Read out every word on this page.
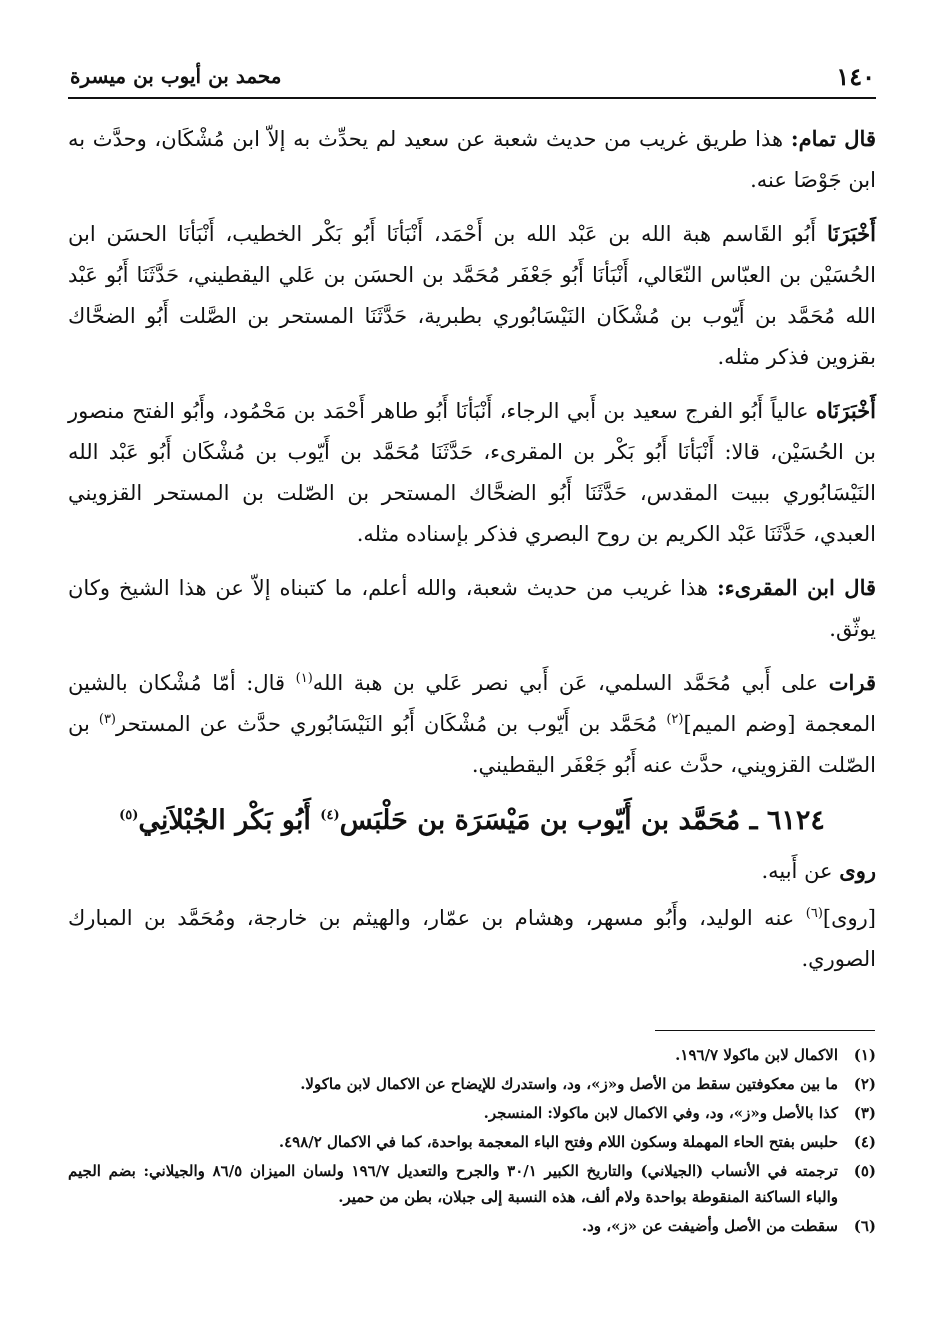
١٤٠
محمد بن أيوب بن ميسرة

قال تمام: هذا طريق غريب من حديث شعبة عن سعيد لم يحدِّث به إلاّ ابن مُشْكَان، وحدَّث به ابن جَوْصَا عنه.

أَخْبَرَنَا أَبُو القَاسم هبة الله بن عَبْد الله بن أَحْمَد، أَنْبَأنَا أَبُو بَكْر الخطيب، أَنْبَأنَا الحسَن ابن الحُسَيْن بن العبّاس النّعَالي، أَنْبَأنَا أَبُو جَعْفَر مُحَمَّد بن الحسَن بن عَلي اليقطيني، حَدَّثَنَا أَبُو عَبْد الله مُحَمَّد بن أَيّوب بن مُشْكَان النَيْسَابُوري بطبرية، حَدَّثَنَا المستحر بن الصَّلت أَبُو الضحَّاك بقزوين فذكر مثله.

أَخْبَرَنَاه عالياً أَبُو الفرج سعيد بن أَبي الرجاء، أَنْبَأنَا أَبُو طاهر أَحْمَد بن مَحْمُود، وأَبُو الفتح منصور بن الحُسَيْن، قالا: أَنْبَأنَا أَبُو بَكْر بن المقرىء، حَدَّثَنَا مُحَمَّد بن أَيّوب بن مُشْكَان أَبُو عَبْد الله النَيْسَابُوري ببيت المقدس، حَدَّثَنَا أَبُو الضحَّاك المستحر بن الصّلت بن المستحر القزويني العبدي، حَدَّثَنَا عَبْد الكريم بن روح البصري فذكر بإسناده مثله.

قال ابن المقرىء: هذا غريب من حديث شعبة، والله أعلم، ما كتبناه إلاّ عن هذا الشيخ وكان يوثّق.

قرات على أَبي مُحَمَّد السلمي، عَن أَبي نصر عَلي بن هبة الله$^{(١)}$ قال: أمّا مُشْكان بالشين المعجمة [وضم الميم]$^{(٢)}$ مُحَمَّد بن أَيّوب بن مُشْكَان أَبُو النَيْسَابُوري حدَّث عن المستحر$^{(٣)}$ بن الصّلت القزويني، حدَّث عنه أَبُو جَعْفَر اليقطيني.

٦١٢٤ ـ مُحَمَّد بن أَيّوب بن مَيْسَرَة بن حَلْبَس$^{(٤)}$ أَبُو بَكْر الجُبْلاَنِي$^{(٥)}$

روى عن أَبيه.

[روى]$^{(٦)}$ عنه الوليد، وأَبُو مسهر، وهشام بن عمّار، والهيثم بن خارجة، ومُحَمَّد بن المبارك الصوري.

(١)
الاكمال لابن ماكولا ١٩٦/٧.
(٢)
ما بين معكوفتين سقط من الأصل و«ز»، ود، واستدرك للإيضاح عن الاكمال لابن ماكولا.
(٣)
كذا بالأصل و«ز»، ود، وفي الاكمال لابن ماكولا: المنسجر.
(٤)
حلبس بفتح الحاء المهملة وسكون اللام وفتح الباء المعجمة بواحدة، كما في الاكمال ٤٩٨/٢.
(٥)
ترجمته في الأنساب (الجيلاني) والتاريخ الكبير ٣٠/١ والجرح والتعديل ١٩٦/٧ ولسان الميزان ٨٦/٥ والجيلاني: بضم الجيم والباء الساكنة المنقوطة بواحدة ولام ألف، هذه النسبة إلى جبلان، بطن من حمير.
(٦)
سقطت من الأصل وأضيفت عن «ز»، ود.
